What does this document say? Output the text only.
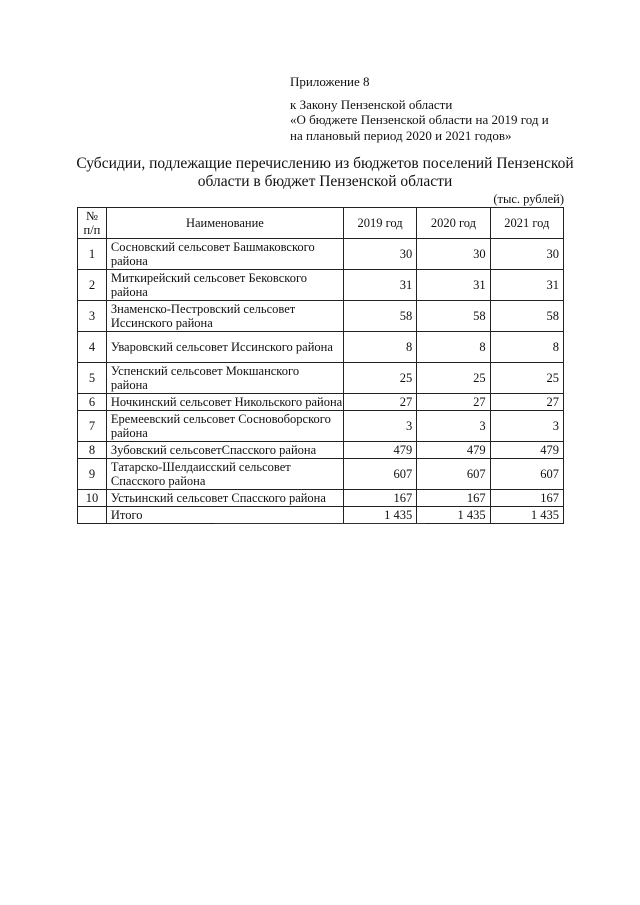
Приложение 8
к Закону Пензенской области
«О бюджете Пензенской области на 2019 год и
на плановый период 2020 и 2021 годов»
Субсидии, подлежащие перечислению из бюджетов поселений Пензенской
области в бюджет Пензенской области
(тыс. рублей)
№ п/п	Наименование	2019 год	2020 год	2021 год
1	Сосновский сельсовет Башмаковского района	30	30	30
2	Миткирейский сельсовет Бековского района	31	31	31
3	Знаменско-Пестровский сельсовет Иссинского района	58	58	58
4	Уваровский сельсовет Иссинского района	8	8	8
5	Успенский сельсовет Мокшанского района	25	25	25
6	Ночкинский сельсовет Никольского района	27	27	27
7	Еремеевский сельсовет Сосновоборского района	3	3	3
8	Зубовский сельсоветСпасского района	479	479	479
9	Татарско-Шелдаисский сельсовет Спасского района	607	607	607
10	Устьинский сельсовет Спасского района	167	167	167
	Итого	1 435	1 435	1 435
